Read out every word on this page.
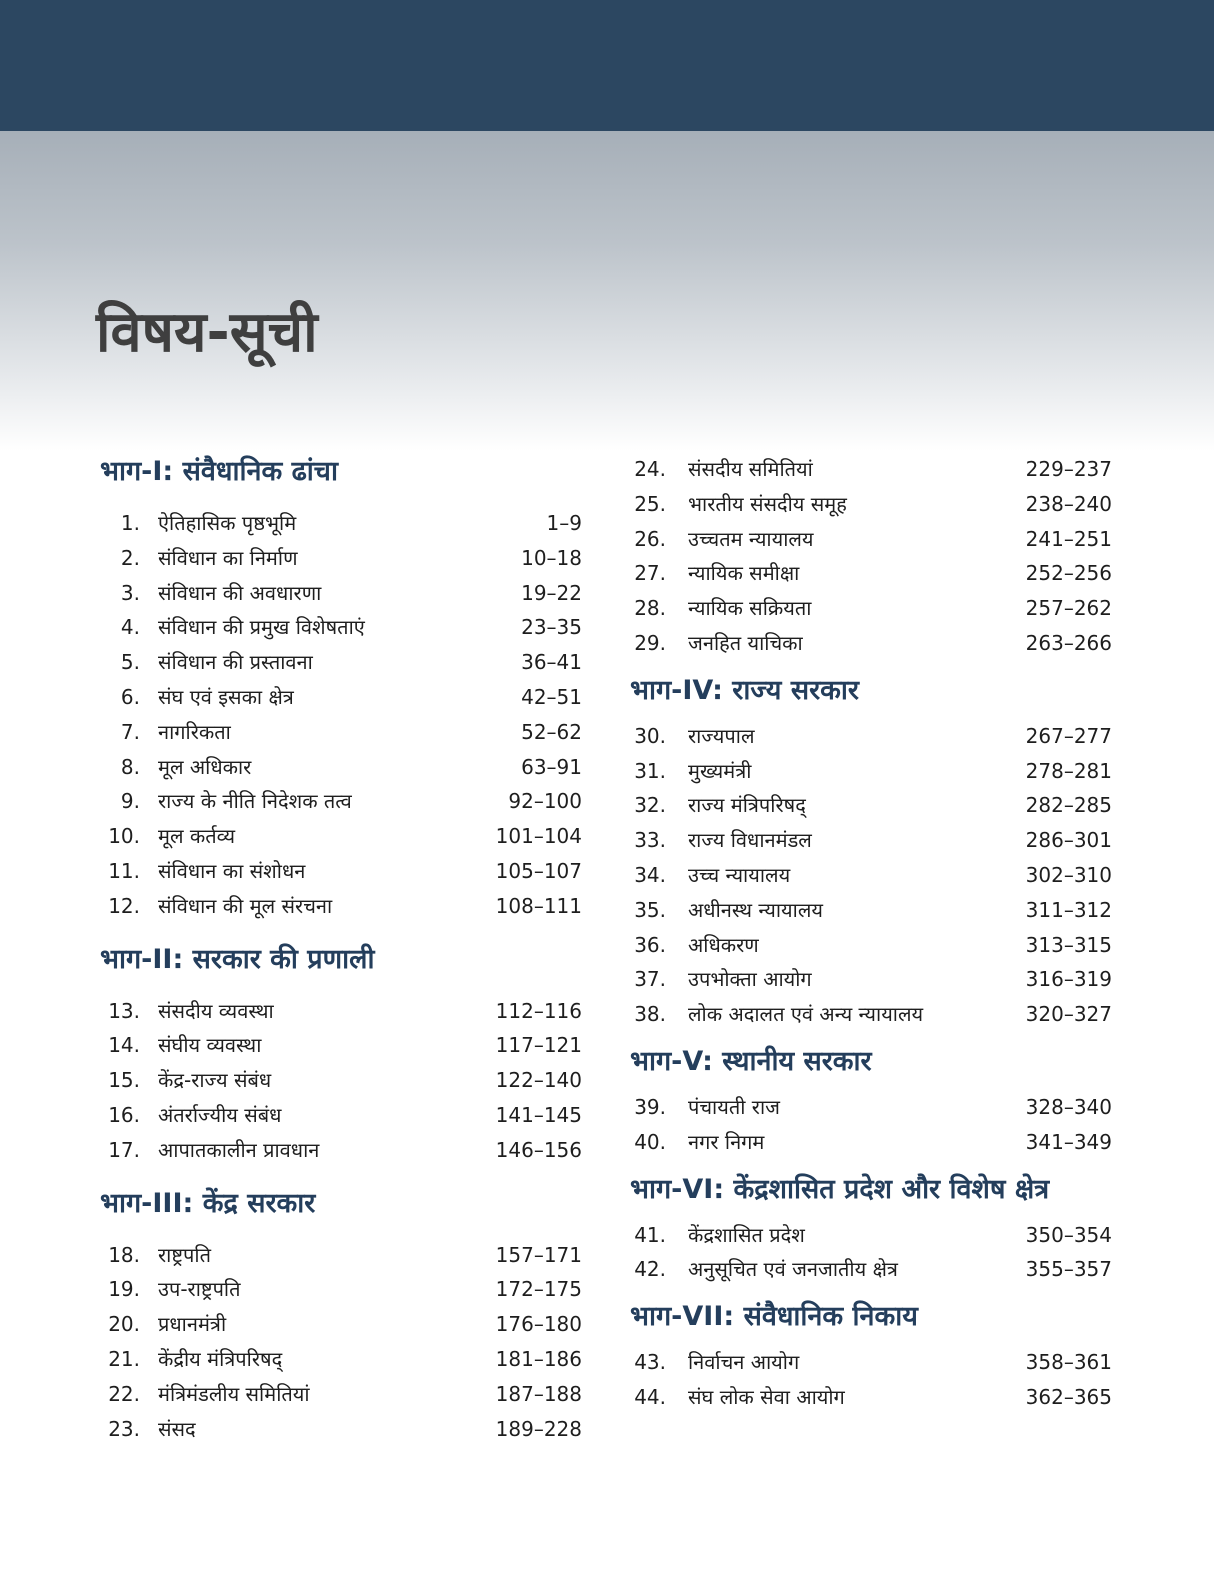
विषय-सूची
भाग-I: संवैधानिक ढांचा
1. ऐतिहासिक पृष्ठभूमि	1–9
2. संविधान का निर्माण	10–18
3. संविधान की अवधारणा	19–22
4. संविधान की प्रमुख विशेषताएं	23–35
5. संविधान की प्रस्तावना	36–41
6. संघ एवं इसका क्षेत्र	42–51
7. नागरिकता	52–62
8. मूल अधिकार	63–91
9. राज्य के नीति निदेशक तत्व	92–100
10. मूल कर्तव्य	101–104
11. संविधान का संशोधन	105–107
12. संविधान की मूल संरचना	108–111
भाग-II: सरकार की प्रणाली
13. संसदीय व्यवस्था	112–116
14. संघीय व्यवस्था	117–121
15. केंद्र-राज्य संबंध	122–140
16. अंतर्राज्यीय संबंध	141–145
17. आपातकालीन प्रावधान	146–156
भाग-III: केंद्र सरकार
18. राष्ट्रपति	157–171
19. उप-राष्ट्रपति	172–175
20. प्रधानमंत्री	176–180
21. केंद्रीय मंत्रिपरिषद्	181–186
22. मंत्रिमंडलीय समितियां	187–188
23. संसद	189–228
24. संसदीय समितियां	229–237
25. भारतीय संसदीय समूह	238–240
26. उच्चतम न्यायालय	241–251
27. न्यायिक समीक्षा	252–256
28. न्यायिक सक्रियता	257–262
29. जनहित याचिका	263–266
भाग-IV: राज्य सरकार
30. राज्यपाल	267–277
31. मुख्यमंत्री	278–281
32. राज्य मंत्रिपरिषद्	282–285
33. राज्य विधानमंडल	286–301
34. उच्च न्यायालय	302–310
35. अधीनस्थ न्यायालय	311–312
36. अधिकरण	313–315
37. उपभोक्ता आयोग	316–319
38. लोक अदालत एवं अन्य न्यायालय	320–327
भाग-V: स्थानीय सरकार
39. पंचायती राज	328–340
40. नगर निगम	341–349
भाग-VI: केंद्रशासित प्रदेश और विशेष क्षेत्र
41. केंद्रशासित प्रदेश	350–354
42. अनुसूचित एवं जनजातीय क्षेत्र	355–357
भाग-VII: संवैधानिक निकाय
43. निर्वाचन आयोग	358–361
44. संघ लोक सेवा आयोग	362–365
